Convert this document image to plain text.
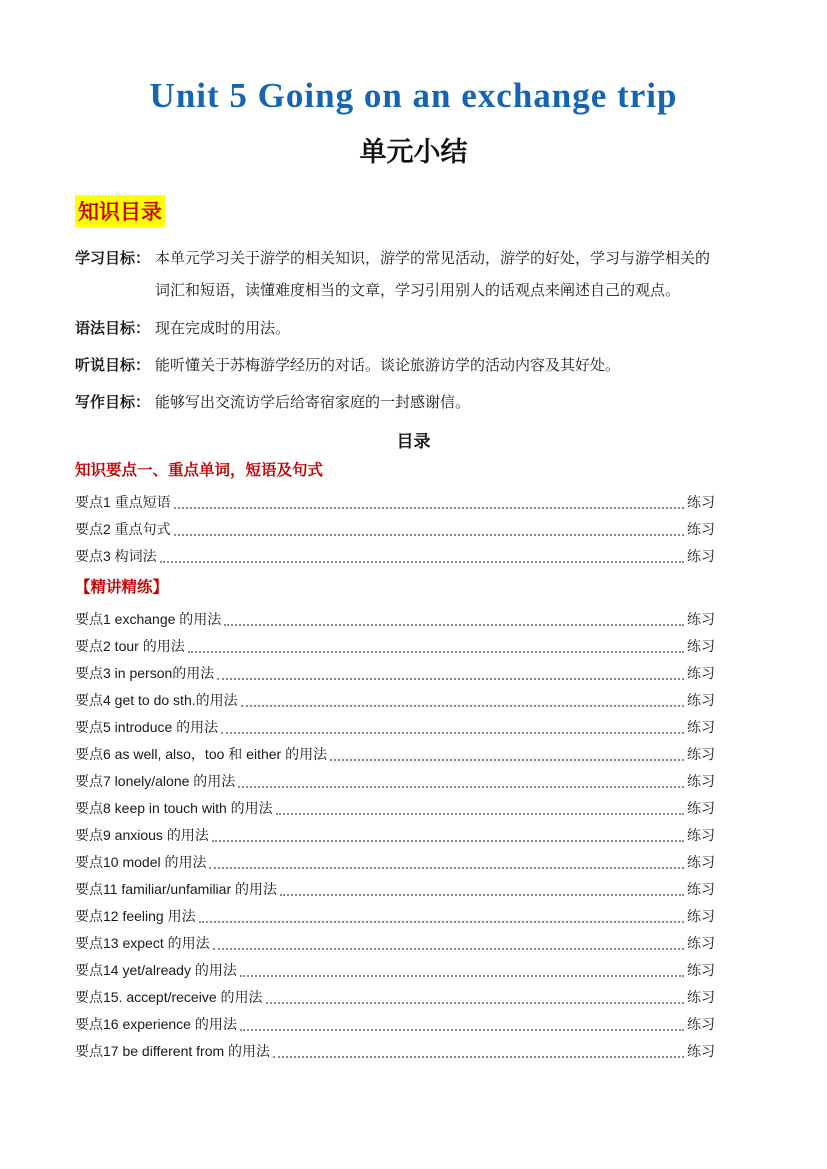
Unit 5 Going on an exchange trip
单元小结
知识目录
学习目标： 本单元学习关于游学的相关知识，游学的常见活动，游学的好处，学习与游学相关的词汇和短语，读懂难度相当的文章，学习引用别人的话观点来阐述自己的观点。
语法目标： 现在完成时的用法。
听说目标： 能听懂关于苏梅游学经历的对话。谈论旅游访学的活动内容及其好处。
写作目标： 能够写出交流访学后给寄宿家庭的一封感谢信。
目录
知识要点一、重点单词，短语及句式
要点1 重点短语	练习
要点2 重点句式	练习
要点3 构词法	练习
【精讲精练】
要点1 exchange 的用法	练习
要点2 tour 的用法	练习
要点3 in person的用法	练习
要点4 get to do sth.的用法	练习
要点5 introduce 的用法	练习
要点6 as well, also，too 和 either 的用法	练习
要点7 lonely/alone 的用法	练习
要点8 keep in touch with 的用法	练习
要点9 anxious 的用法	练习
要点10 model 的用法	练习
要点11 familiar/unfamiliar 的用法	练习
要点12 feeling 用法	练习
要点13 expect 的用法	练习
要点14 yet/already 的用法	练习
要点15. accept/receive 的用法	练习
要点16 experience 的用法	练习
要点17 be different from 的用法	练习
